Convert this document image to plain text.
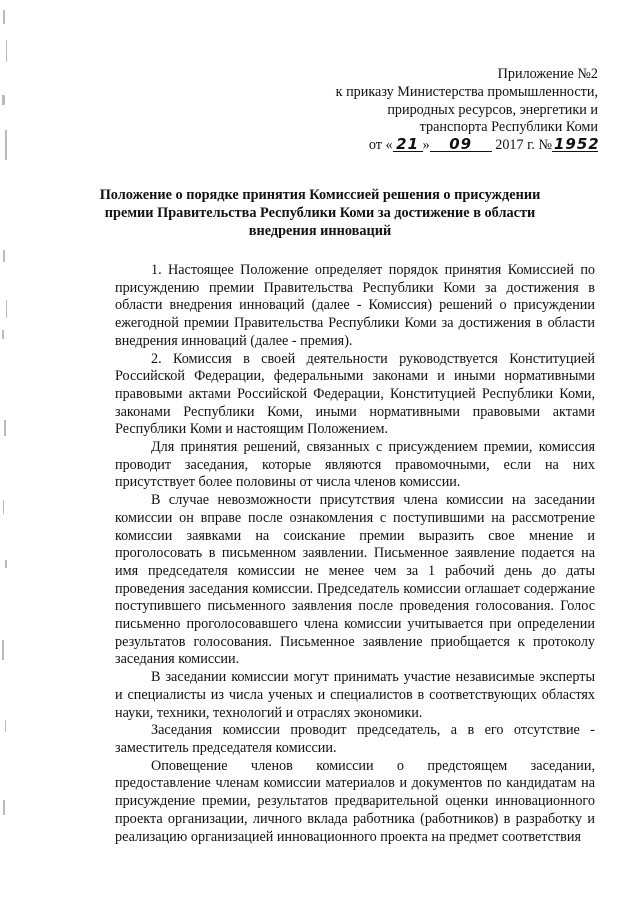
Приложение №2
к приказу Министерства промышленности,
природных ресурсов, энергетики и
транспорта Республики Коми
от « 21 » 09 2017 г. № 1952
Положение о порядке принятия Комиссией решения о присуждении
премии Правительства Республики Коми за достижение в области
внедрения инноваций

1. Настоящее Положение определяет порядок принятия Комиссией по присуждению премии Правительства Республики Коми за достижения в области внедрения инноваций (далее - Комиссия) решений о присуждении ежегодной премии Правительства Республики Коми за достижения в области внедрения инноваций (далее - премия).

2. Комиссия в своей деятельности руководствуется Конституцией Российской Федерации, федеральными законами и иными нормативными правовыми актами Российской Федерации, Конституцией Республики Коми, законами Республики Коми, иными нормативными правовыми актами Республики Коми и настоящим Положением.

Для принятия решений, связанных с присуждением премии, комиссия проводит заседания, которые являются правомочными, если на них присутствует более половины от числа членов комиссии.

В случае невозможности присутствия члена комиссии на заседании комиссии он вправе после ознакомления с поступившими на рассмотрение комиссии заявками на соискание премии выразить свое мнение и проголосовать в письменном заявлении. Письменное заявление подается на имя председателя комиссии не менее чем за 1 рабочий день до даты проведения заседания комиссии. Председатель комиссии оглашает содержание поступившего письменного заявления после проведения голосования. Голос письменно проголосовавшего члена комиссии учитывается при определении результатов голосования. Письменное заявление приобщается к протоколу заседания комиссии.

В заседании комиссии могут принимать участие независимые эксперты и специалисты из числа ученых и специалистов в соответствующих областях науки, техники, технологий и отраслях экономики.

Заседания комиссии проводит председатель, а в его отсутствие - заместитель председателя комиссии.

Оповещение членов комиссии о предстоящем заседании, предоставление членам комиссии материалов и документов по кандидатам на присуждение премии, результатов предварительной оценки инновационного проекта организации, личного вклада работника (работников) в разработку и реализацию организацией инновационного проекта на предмет соответствия
